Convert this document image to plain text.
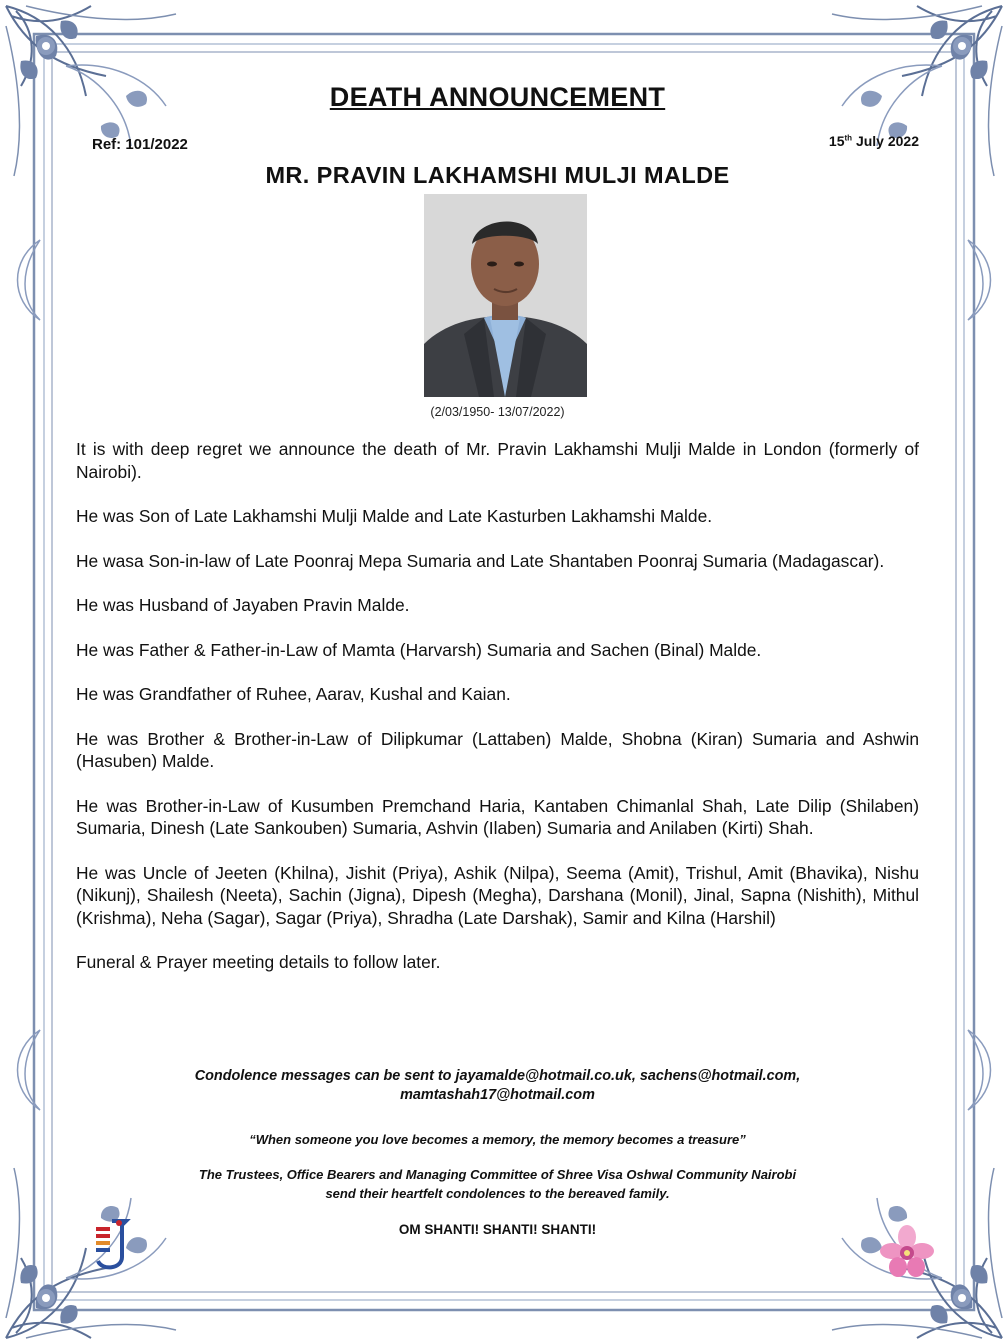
DEATH ANNOUNCEMENT
Ref: 101/2022	15th July 2022
MR. PRAVIN LAKHAMSHI MULJI MALDE
(2/03/1950- 13/07/2022)

It is with deep regret we announce the death of Mr. Pravin Lakhamshi Mulji Malde in London (formerly of Nairobi).

He was Son of Late Lakhamshi Mulji Malde and Late Kasturben Lakhamshi Malde.

He wasa Son-in-law of Late Poonraj Mepa Sumaria and Late Shantaben Poonraj Sumaria (Madagascar).

He was Husband of Jayaben Pravin Malde.

He was Father & Father-in-Law of Mamta (Harvarsh) Sumaria and Sachen (Binal) Malde.

He was Grandfather of Ruhee, Aarav, Kushal and Kaian.

He was Brother & Brother-in-Law of Dilipkumar (Lattaben) Malde, Shobna (Kiran) Sumaria and Ashwin (Hasuben) Malde.

He was Brother-in-Law of Kusumben Premchand Haria, Kantaben Chimanlal Shah, Late Dilip (Shilaben) Sumaria, Dinesh (Late Sankouben) Sumaria, Ashvin (Ilaben) Sumaria and Anilaben (Kirti) Shah.

He was Uncle of Jeeten (Khilna), Jishit (Priya), Ashik (Nilpa), Seema (Amit), Trishul, Amit (Bhavika), Nishu (Nikunj), Shailesh (Neeta), Sachin (Jigna), Dipesh (Megha), Darshana (Monil), Jinal, Sapna (Nishith), Mithul (Krishma), Neha (Sagar), Sagar (Priya), Shradha (Late Darshak), Samir and Kilna (Harshil)

Funeral & Prayer meeting details to follow later.

Condolence messages can be sent to jayamalde@hotmail.co.uk, sachens@hotmail.com,
mamtashah17@hotmail.com
“When someone you love becomes a memory, the memory becomes a treasure”
The Trustees, Office Bearers and Managing Committee of Shree Visa Oshwal Community Nairobi
send their heartfelt condolences to the bereaved family.
OM SHANTI! SHANTI! SHANTI!
